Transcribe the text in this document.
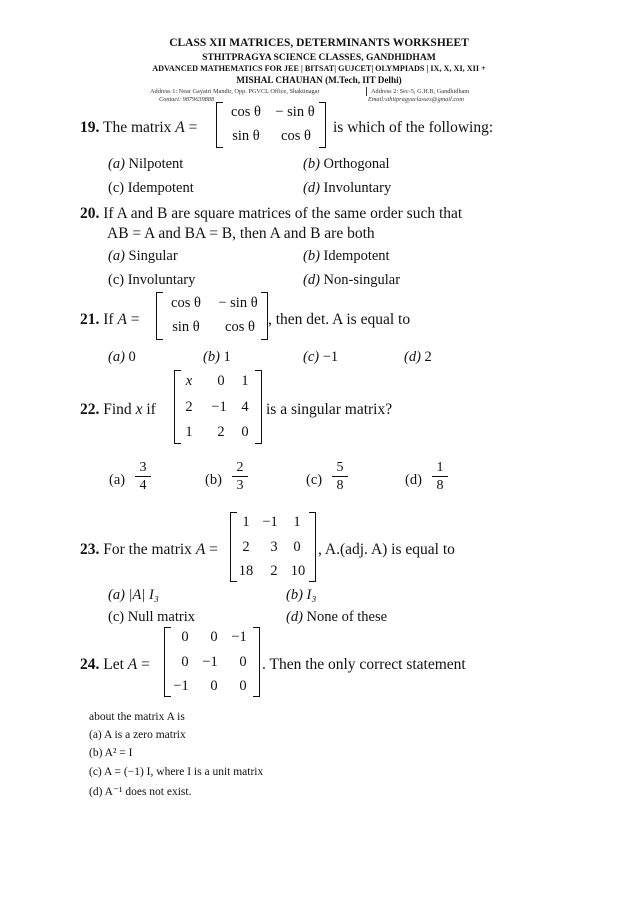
CLASS XII MATRICES, DETERMINANTS WORKSHEET
STHITPRAGYA SCIENCE CLASSES, GANDHIDHAM
ADVANCED MATHEMATICS FOR JEE | BITSAT| GUJCET| OLYMPIADS | IX, X, XI, XII +
MISHAL CHAUHAN (M.Tech, IIT Delhi)
Address 1: Near Gayatri Mandir, Opp. PGVCL Office, Shaktinagar	Address 2: Sec-5, G.H.B, Gandhidham
Contact: 9879639888	Email:sthitpragyaclasses@gmail.com
19. The matrix A =
cos θ − sin θ
sin θ	cos θ	is which of the following:
(a) Nilpotent	(b) Orthogonal
(c) Idempotent	(d) Involuntary
20. If A and B are square matrices of the same order such that
AB = A and BA = B, then A and B are both
(a) Singular	(b) Idempotent
(c) Involuntary	(d) Non-singular
21. If A =
cos θ	− sin θ
sin θ	cos θ , then det. A is equal to
(a) 0	(b) 1	(c) −1	(d) 2
22. Find x if
x	0	1
2	−1	4
1	2	0
is a singular matrix?
(a)
3
4	(b)
2
3	(c)
5
8	(d)
1
8
23. For the matrix A =
1 −1	1
2	3	0
18	2 10
, A.(adj. A) is equal to
(a) |A| I₃	(b) I₃
(c) Null matrix	(d) None of these
24. Let A =
0	0 −1
0 −1	0
−1	0	0
. Then the only correct statement
about the matrix A is
(a) A is a zero matrix
(b) A² = I
(c) A = (−1) I, where I is a unit matrix
(d) A⁻¹ does not exist.
